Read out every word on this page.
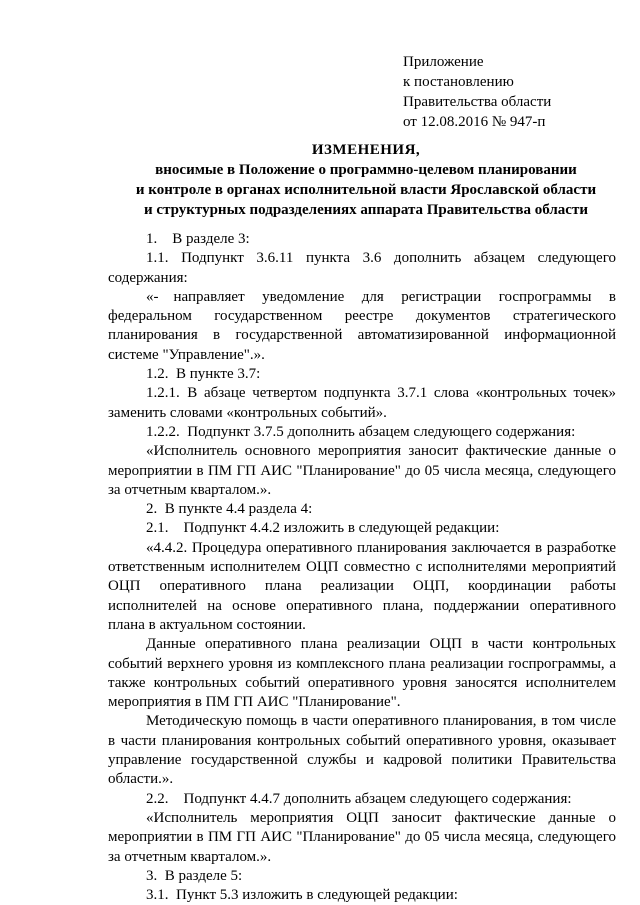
Приложение
к постановлению
Правительства области
от 12.08.2016 № 947-п
ИЗМЕНЕНИЯ,
вносимые в Положение о программно-целевом планировании
и контроле в органах исполнительной власти Ярославской области
и структурных подразделениях аппарата Правительства области

1. В разделе 3:

1.1. Подпункт 3.6.11 пункта 3.6 дополнить абзацем следующего содержания:

«- направляет уведомление для регистрации госпрограммы в федеральном государственном реестре документов стратегического планирования в государственной автоматизированной информационной системе "Управление".».

1.2. В пункте 3.7:

1.2.1. В абзаце четвертом подпункта 3.7.1 слова «контрольных точек» заменить словами «контрольных событий».

1.2.2. Подпункт 3.7.5 дополнить абзацем следующего содержания:

«Исполнитель основного мероприятия заносит фактические данные о мероприятии в ПМ ГП АИС "Планирование" до 05 числа месяца, следующего за отчетным кварталом.».

2. В пункте 4.4 раздела 4:

2.1. Подпункт 4.4.2 изложить в следующей редакции:

«4.4.2. Процедура оперативного планирования заключается в разработке ответственным исполнителем ОЦП совместно с исполнителями мероприятий ОЦП оперативного плана реализации ОЦП, координации работы исполнителей на основе оперативного плана, поддержании оперативного плана в актуальном состоянии.

Данные оперативного плана реализации ОЦП в части контрольных событий верхнего уровня из комплексного плана реализации госпрограммы, а также контрольных событий оперативного уровня заносятся исполнителем мероприятия в ПМ ГП АИС "Планирование".

Методическую помощь в части оперативного планирования, в том числе в части планирования контрольных событий оперативного уровня, оказывает управление государственной службы и кадровой политики Правительства области.».

2.2. Подпункт 4.4.7 дополнить абзацем следующего содержания:

«Исполнитель мероприятия ОЦП заносит фактические данные о мероприятии в ПМ ГП АИС "Планирование" до 05 числа месяца, следующего за отчетным кварталом.».

3. В разделе 5:

3.1. Пункт 5.3 изложить в следующей редакции:
